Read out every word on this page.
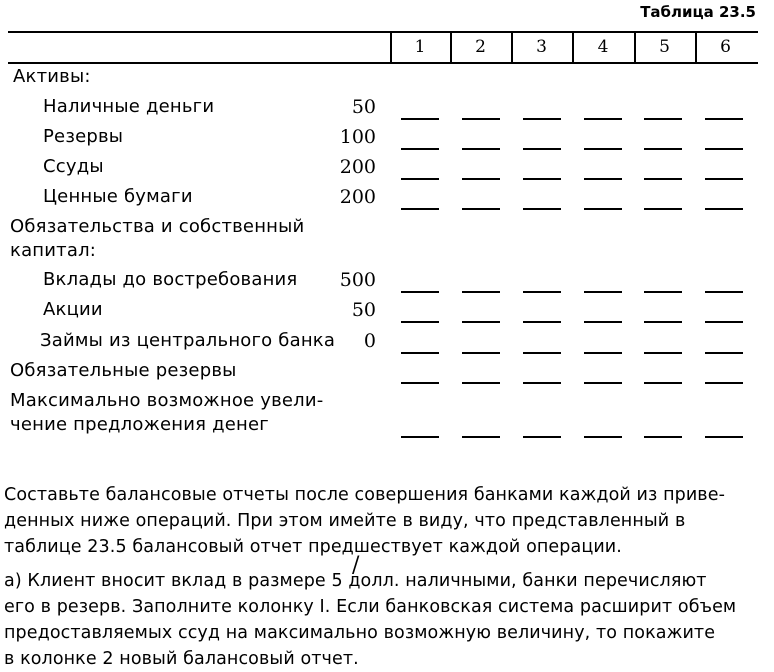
Таблица 23.5
1	2	3	4	5	6
Активы:
Наличные деньги	50
Резервы	100
Ссуды	200
Ценные бумаги	200
Обязательства и собственный
капитал:
Вклады до востребования	500
Акции	50
Займы из центрального банка	0
Обязательные резервы
Максимально возможное увели-
чение предложения денег
Составьте балансовые отчеты после совершения банками каждой из приве-
денных ниже операций. При этом имейте в виду, что представленный в
таблице 23.5 балансовый отчет предшествует каждой операции.
а) Клиент вносит вклад в размере 5 долл. наличными, банки перечисляют
его в резерв. Заполните колонку I. Если банковская система расширит объем
предоставляемых ссуд на максимально возможную величину, то покажите
в колонке 2 новый балансовый отчет.
/
